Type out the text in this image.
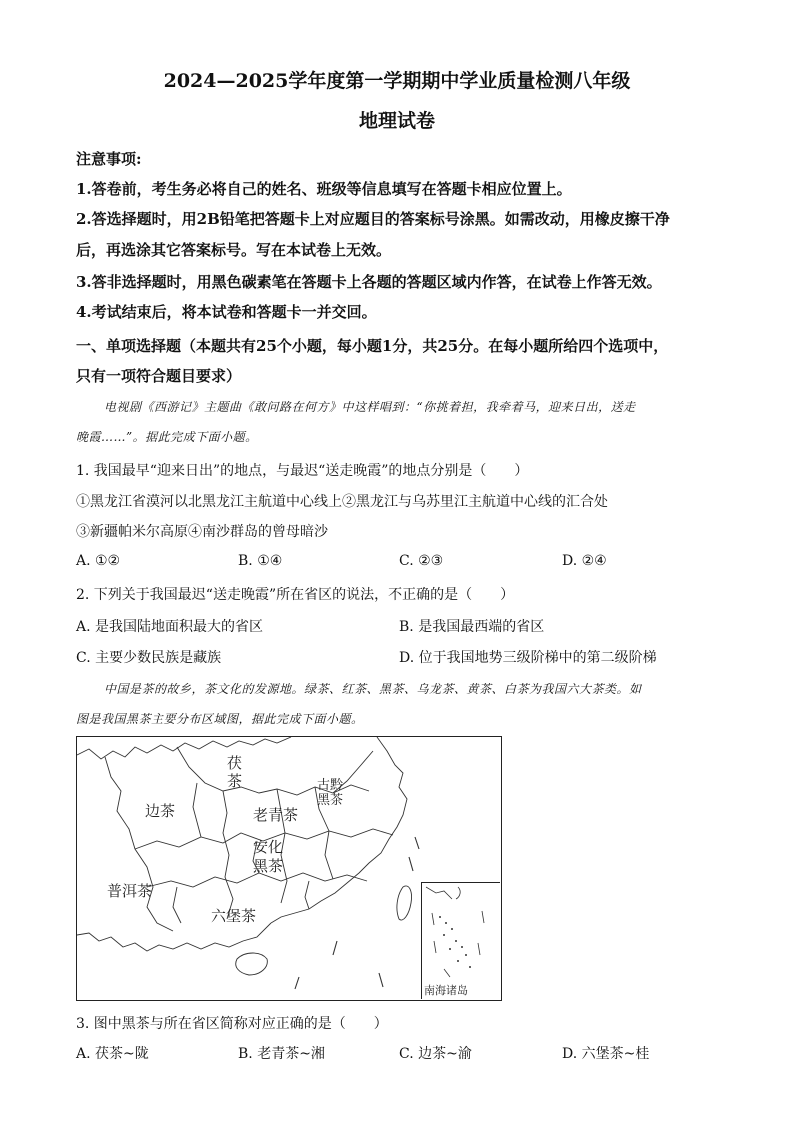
2024—2025学年度第一学期期中学业质量检测八年级
地理试卷
注意事项:
1.答卷前，考生务必将自己的姓名、班级等信息填写在答题卡相应位置上。
2.答选择题时，用2B铅笔把答题卡上对应题目的答案标号涂黑。如需改动，用橡皮擦干净
后，再选涂其它答案标号。写在本试卷上无效。
3.答非选择题时，用黑色碳素笔在答题卡上各题的答题区域内作答，在试卷上作答无效。
4.考试结束后，将本试卷和答题卡一并交回。
一、单项选择题（本题共有25个小题，每小题1分，共25分。在每小题所给四个选项中，
只有一项符合题目要求）
电视剧《西游记》主题曲《敢问路在何方》中这样唱到：“你挑着担，我牵着马，迎来日出，送走
晚霞……”。据此完成下面小题。
1. 我国最早“迎来日出”的地点，与最迟“送走晚霞”的地点分别是（　　）
①黑龙江省漠河以北黑龙江主航道中心线上②黑龙江与乌苏里江主航道中心线的汇合处
③新疆帕米尔高原④南沙群岛的曾母暗沙
A. ①②	B. ①④	C. ②③	D. ②④
2. 下列关于我国最迟“送走晚霞”所在省区的说法，不正确的是（　　）
A. 是我国陆地面积最大的省区	B. 是我国最西端的省区
C. 主要少数民族是藏族	D. 位于我国地势三级阶梯中的第二级阶梯
中国是茶的故乡，茶文化的发源地。绿茶、红茶、黑茶、乌龙茶、黄茶、白茶为我国六大茶类。如
图是我国黑茶主要分布区域图，据此完成下面小题。
茯
茶	古黔
黑茶
边茶	老青茶
安化
黑茶
普洱茶
六堡茶
南海诸岛
3. 图中黑茶与所在省区简称对应正确的是（　　）
A. 茯茶~陇	B. 老青茶~湘	C. 边茶~渝	D. 六堡茶~桂
